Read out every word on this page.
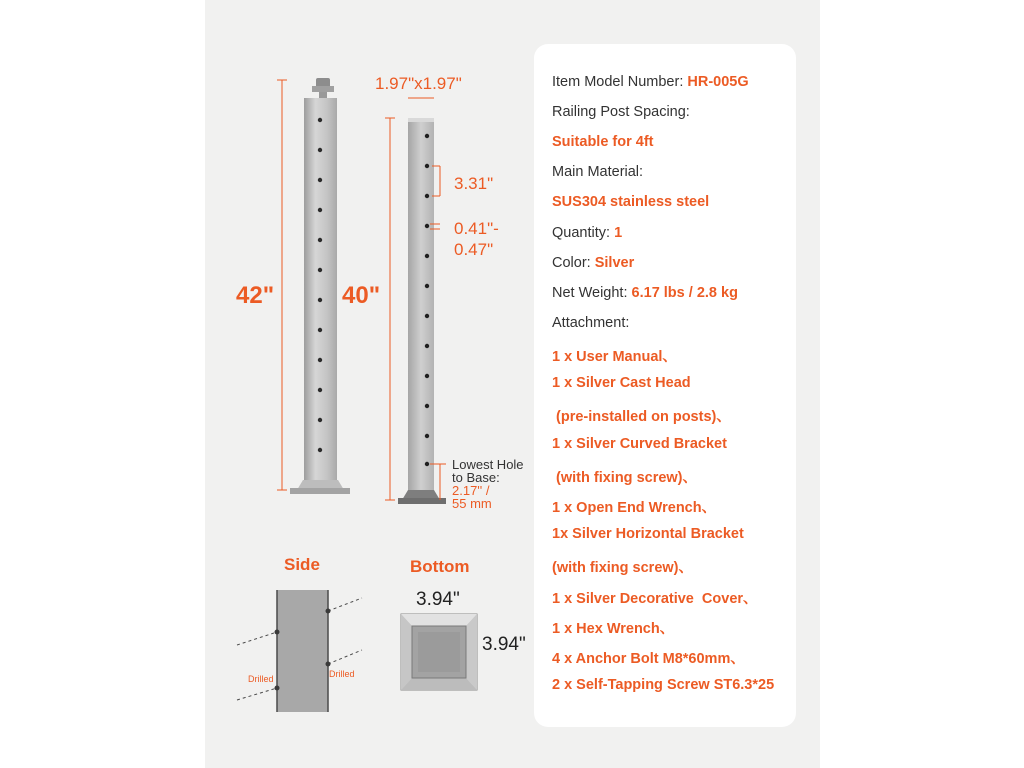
42"	40"
1.97"x1.97"
3.31"
0.41"-
0.47"
Lowest Hole
to Base:
2.17'' /
55 mm
Side	Bottom
Drilled	Drilled
3.94"
3.94"
Item Model Number: HR-005G
Railing Post Spacing:
Suitable for 4ft
Main Material:
SUS304 stainless steel
Quantity: 1
Color: Silver
Net Weight: 6.17 lbs / 2.8 kg
Attachment:
1 x User Manual、
1 x Silver Cast Head
(pre-installed on posts)、
1 x Silver Curved Bracket
(with fixing screw)、
1 x Open End Wrench、
1x Silver Horizontal Bracket
(with fixing screw)、
1 x Silver Decorative  Cover、
1 x Hex Wrench、
4 x Anchor Bolt M8*60mm、
2 x Self-Tapping Screw ST6.3*25
